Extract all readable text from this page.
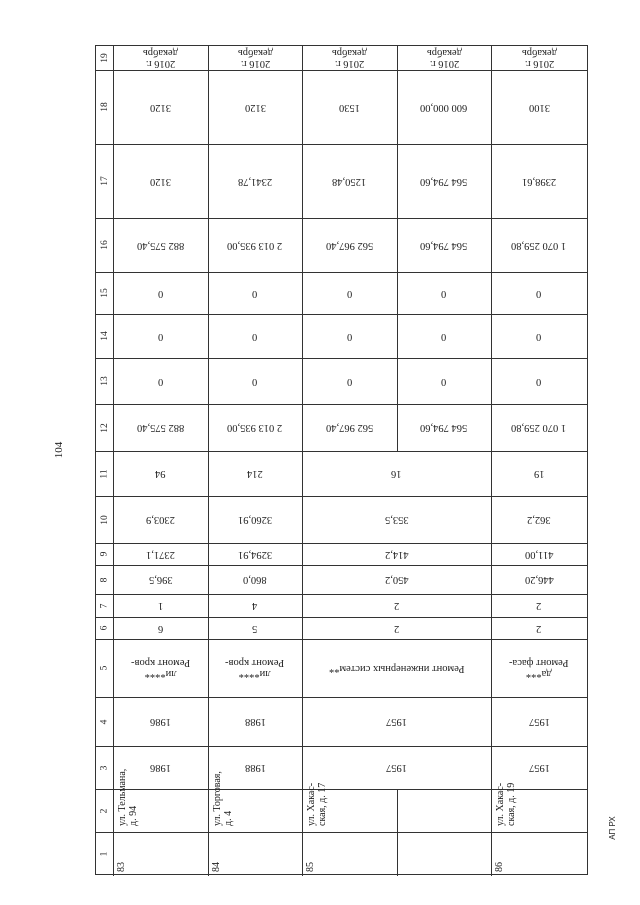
104
АП РХ
1
2
3
4
5
6
7
8
9
10
11
12
13
14
15
16
17
18
19
83
ул. Тельмана, д. 94
1986
1986
6
1
396,5
2371,1
2303,9
94
882 575,40
0
0
0
882 575,40
3120
3120
ли****
Ремонт кров-
2016 г.
декабрь
84
ул. Торговая, д. 4
1988
1988
5
4
860,0
3294,91
3260,91
214
2 013 935,00
0
0
0
2 013 935,00
2341,78
3120
ли****
Ремонт кров-
2016 г.
декабрь
85
ул. Хакас- ская, д. 17
1957
1957
2
2
450,2
414,2
353,5
16
562 967,40
0
0
0
562 967,40
1250,48
1530
Ремонт инженерных систем**
2016 г.
декабрь
86
ул. Хакас- ская, д. 19
1957
1957
2
2
446,20
411,00
362,2
19
1 070 259,80
0
0
0
1 070 259,80
2398,61
3100
да***
Ремонт фаса-
2016 г.
декабрь
564 794,60
564 794,60
564 794,60
600 000,00
0
0
0
2016 г.
декабрь
